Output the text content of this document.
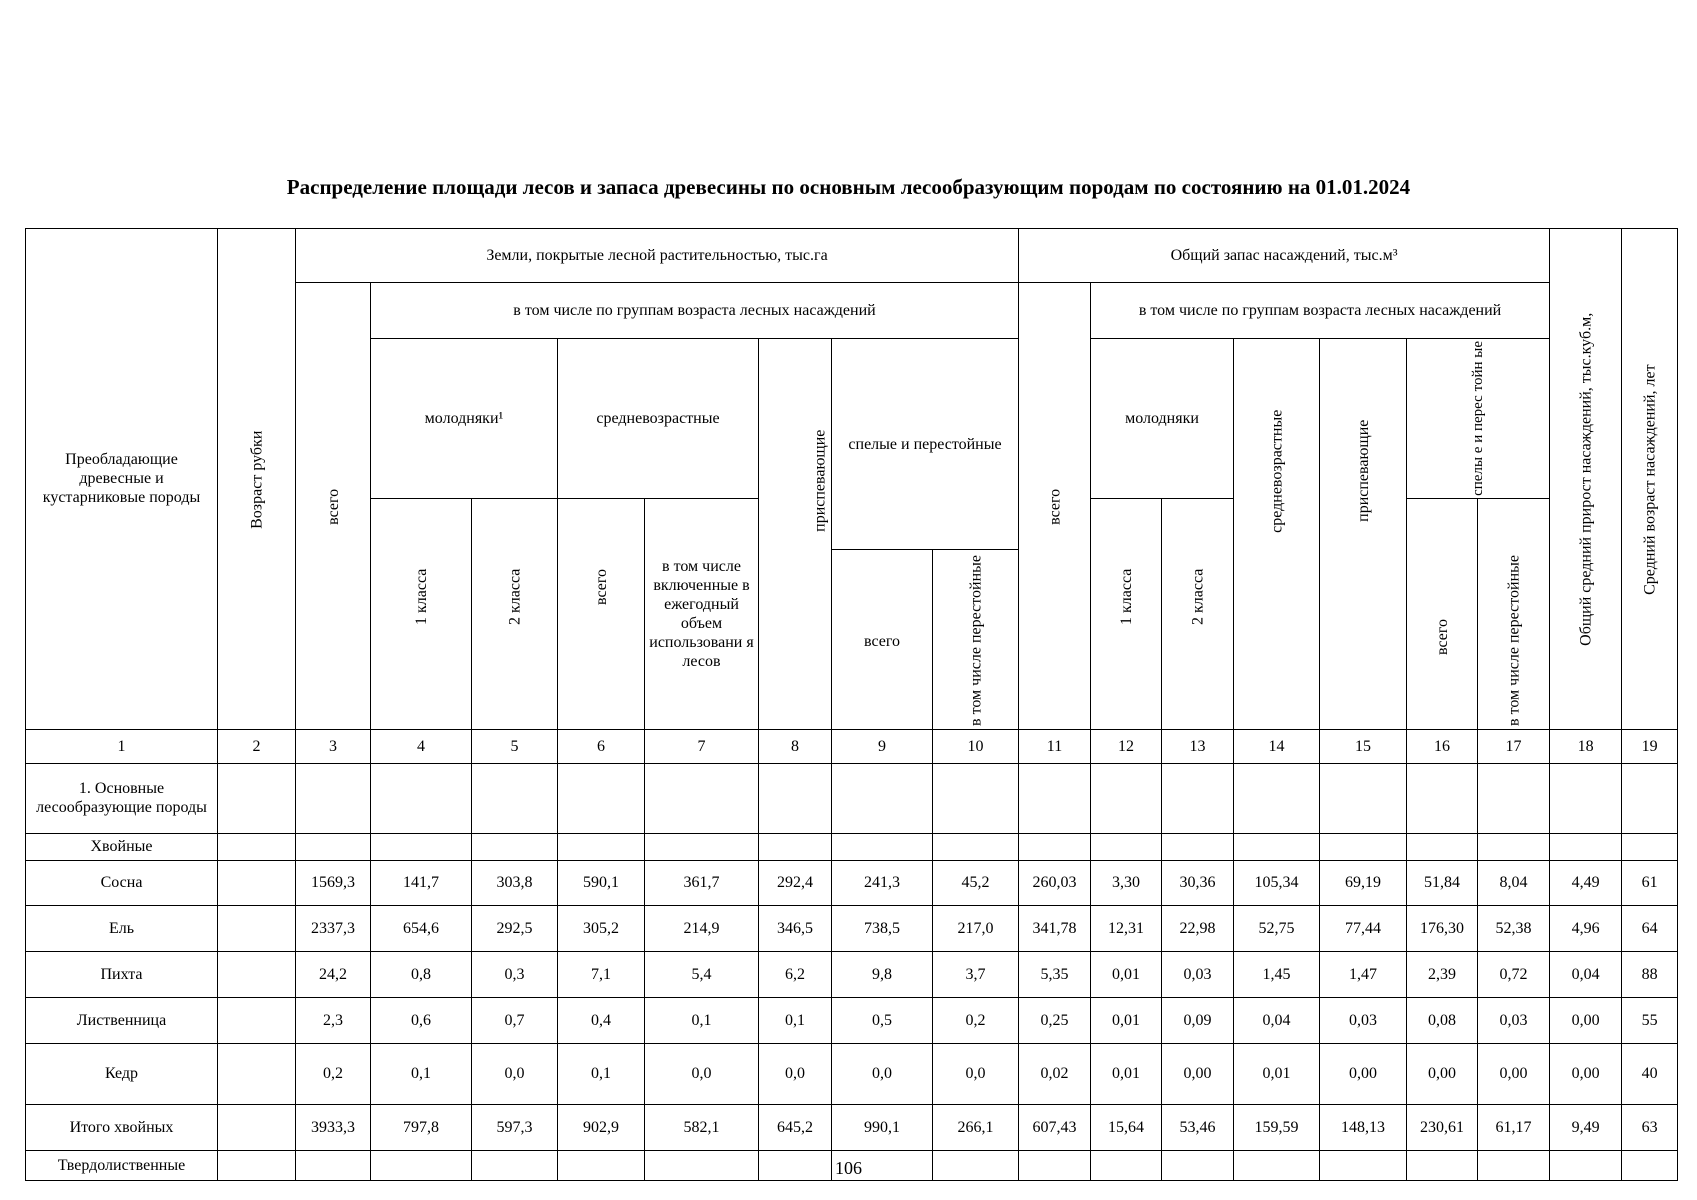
Распределение площади лесов и запаса древесины по основным лесообразующим породам по состоянию на 01.01.2024
Преобладающие древесные и кустарниковые породы	Возраст рубки	Земли, покрытые лесной растительностью, тыс.га								Общий запас насаждений, тыс.м³							Общий средний прирост насаждений, тыс.куб.м,	Средний возраст насаждений, лет
		всего	в том числе по группам возраста лесных насаждений							всего	в том числе по группам возраста лесных насаждений							
			молодняки¹		средневозрастные		приспевающие	спелые и перестойные			молодняки		средневозрастные	приспевающие	спелы е и перес тойн ые			
			1 класса	2 класса	всего	в том числе включенные в ежегодный объем использовани я лесов					1 класса	2 класса			всего	в том числе перестойные		
								всего	в том числе перестойные									

1	2	3	4	5	6	7	8	9	10	11	12	13	14	15	16	17	18	19
1. Основные лесообразующие породы																		
Хвойные																		
Сосна		1569,3	141,7	303,8	590,1	361,7	292,4	241,3	45,2	260,03	3,30	30,36	105,34	69,19	51,84	8,04	4,49	61
Ель		2337,3	654,6	292,5	305,2	214,9	346,5	738,5	217,0	341,78	12,31	22,98	52,75	77,44	176,30	52,38	4,96	64
Пихта		24,2	0,8	0,3	7,1	5,4	6,2	9,8	3,7	5,35	0,01	0,03	1,45	1,47	2,39	0,72	0,04	88
Лиственница		2,3	0,6	0,7	0,4	0,1	0,1	0,5	0,2	0,25	0,01	0,09	0,04	0,03	0,08	0,03	0,00	55
Кедр		0,2	0,1	0,0	0,1	0,0	0,0	0,0	0,0	0,02	0,01	0,00	0,01	0,00	0,00	0,00	0,00	40
Итого хвойных		3933,3	797,8	597,3	902,9	582,1	645,2	990,1	266,1	607,43	15,64	53,46	159,59	148,13	230,61	61,17	9,49	63
Твердолиственные																			106
